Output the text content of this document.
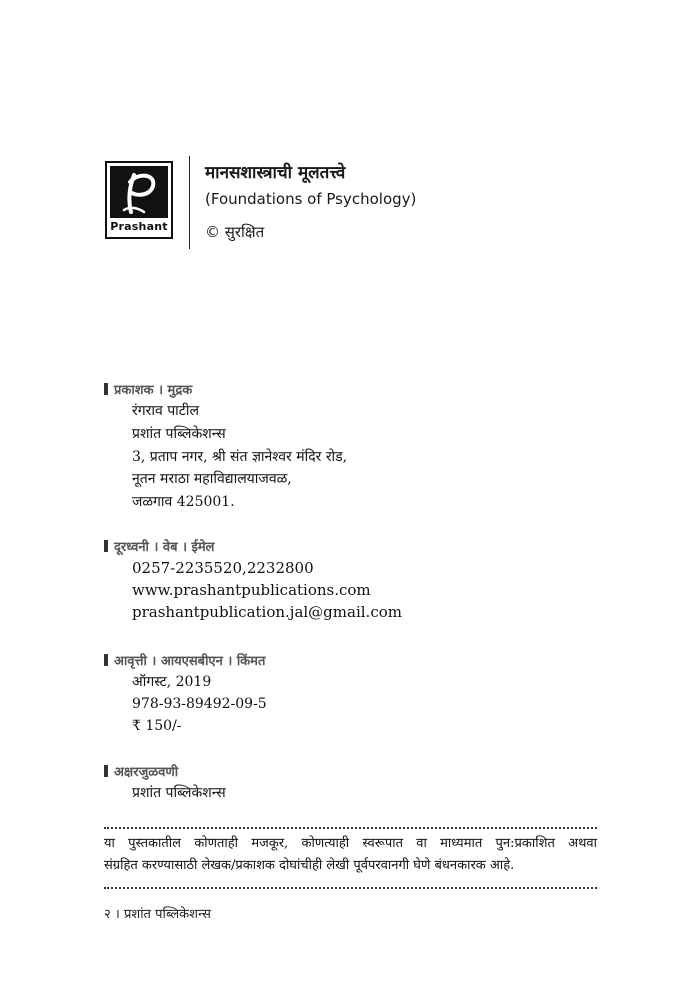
Prashant
मानसशास्त्राची मूलतत्त्वे
(Foundations of Psychology)
© सुरक्षित
प्रकाशक । मुद्रक
रंगराव पाटील
प्रशांत पब्लिकेशन्स
3, प्रताप नगर, श्री संत ज्ञानेश्वर मंदिर रोड,
नूतन मराठा महाविद्यालयाजवळ,
जळगाव 425001.
दूरध्वनी । वेब । ईमेल
0257-2235520,2232800
www.prashantpublications.com
prashantpublication.jal@gmail.com
आवृत्ती । आयएसबीएन । किंमत
ऑगस्ट, 2019
978-93-89492-09-5
₹ 150/-
अक्षरजुळवणी
प्रशांत पब्लिकेशन्स

या पुस्तकातील कोणताही मजकूर, कोणत्याही स्वरूपात वा माध्यमात पुन:प्रकाशित अथवा

संग्रहित करण्यासाठी लेखक/प्रकाशक दोघांचीही लेखी पूर्वपरवानगी घेणे बंधनकारक आहे.

२ । प्रशांत पब्लिकेशन्स
